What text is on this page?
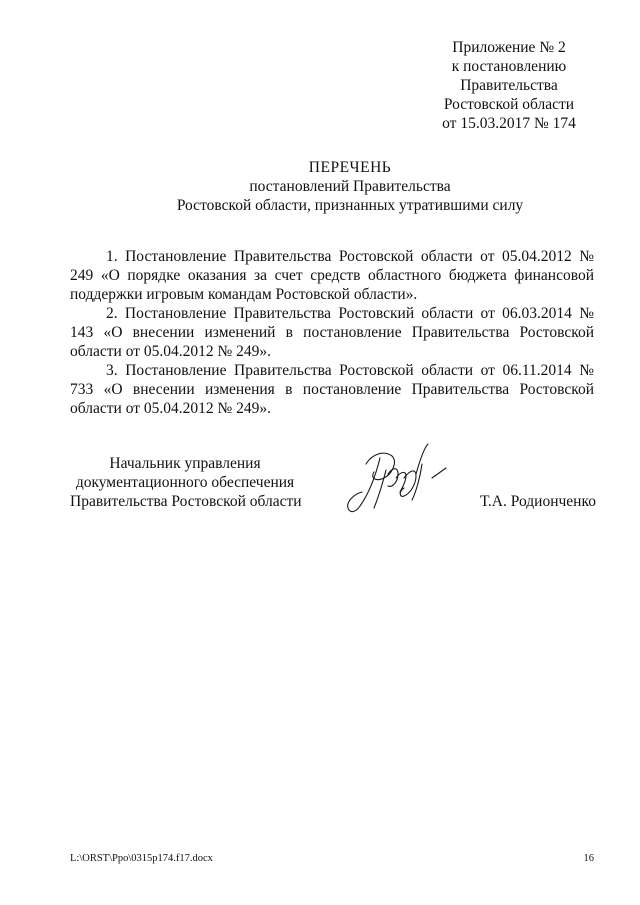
Приложение № 2
к постановлению
Правительства
Ростовской области
от 15.03.2017 № 174
ПЕРЕЧЕНЬ
постановлений Правительства
Ростовской области, признанных утратившими силу

1. Постановление Правительства Ростовской области от 05.04.2012 № 249 «О порядке оказания за счет средств областного бюджета финансовой поддержки игровым командам Ростовской области».

2. Постановление Правительства Ростовский области от 06.03.2014 № 143 «О внесении изменений в постановление Правительства Ростовской области от 05.04.2012 № 249».

3. Постановление Правительства Ростовской области от 06.11.2014 № 733 «О внесении изменения в постановление Правительства Ростовской области от 05.04.2012 № 249».

Начальник управления
документационного обеспечения
Правительства Ростовской области	Т.А. Родионченко
L:\ORST\Ppo\0315p174.f17.docx	16
